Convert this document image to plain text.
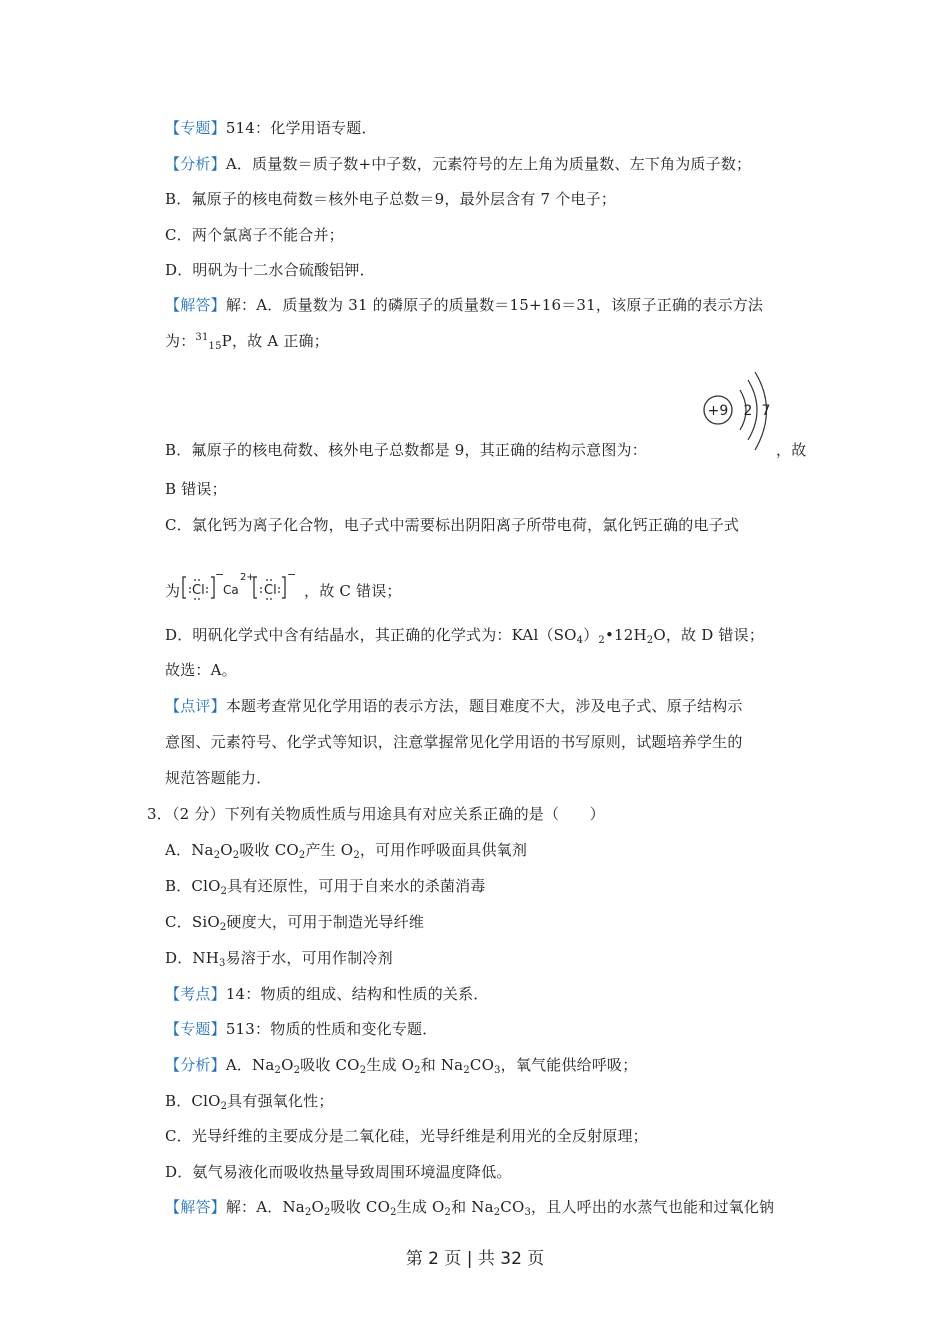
【专题】514：化学用语专题．
【分析】A．质量数＝质子数+中子数，元素符号的左上角为质量数、左下角为质子数；
B．氟原子的核电荷数＝核外电子总数＝9，最外层含有 7 个电子；
C．两个氯离子不能合并；
D．明矾为十二水合硫酸铝钾．
【解答】解：A．质量数为 31 的磷原子的质量数＝15+16＝31，该原子正确的表示方法
为：$^{31}_{15}$P，故 A 正确；
+9 2 7
B．氟原子的核电荷数、核外电子总数都是 9，其正确的结构示意图为：	，故
B 错误；
C．氯化钙为离子化合物，电子式中需要标出阴阳离子所带电荷，氯化钙正确的电子式
为 Cl
−
Ca
2+
Cl
−
，故 C 错误；
D．明矾化学式中含有结晶水，其正确的化学式为：$KAl(SO_4)_2•12H_2O$，故 D 错误；
故选：A。
【点评】本题考查常见化学用语的表示方法，题目难度不大，涉及电子式、原子结构示
意图、元素符号、化学式等知识，注意掌握常见化学用语的书写原则，试题培养学生的
规范答题能力．
3．（2 分）下列有关物质性质与用途具有对应关系正确的是（　　）
A．$Na_2O_2$吸收 $CO_2$产生 $O_2$，可用作呼吸面具供氧剂
B．ClO$_2$具有还原性，可用于自来水的杀菌消毒
C．SiO$_2$硬度大，可用于制造光导纤维
D．$NH_3$易溶于水，可用作制冷剂
【考点】14：物质的组成、结构和性质的关系．
【专题】513：物质的性质和变化专题．
【分析】A．$Na_2O_2$吸收 $CO_2$生成 $O_2$和 $Na_2CO_3$，氧气能供给呼吸；
B．ClO$_2$具有强氧化性；
C．光导纤维的主要成分是二氧化硅，光导纤维是利用光的全反射原理；
D．氨气易液化而吸收热量导致周围环境温度降低。
【解答】解：A．$Na_2O_2$吸收 $CO_2$生成 $O_2$和 $Na_2CO_3$，且人呼出的水蒸气也能和过氧化钠
第 2 页 | 共 32 页
